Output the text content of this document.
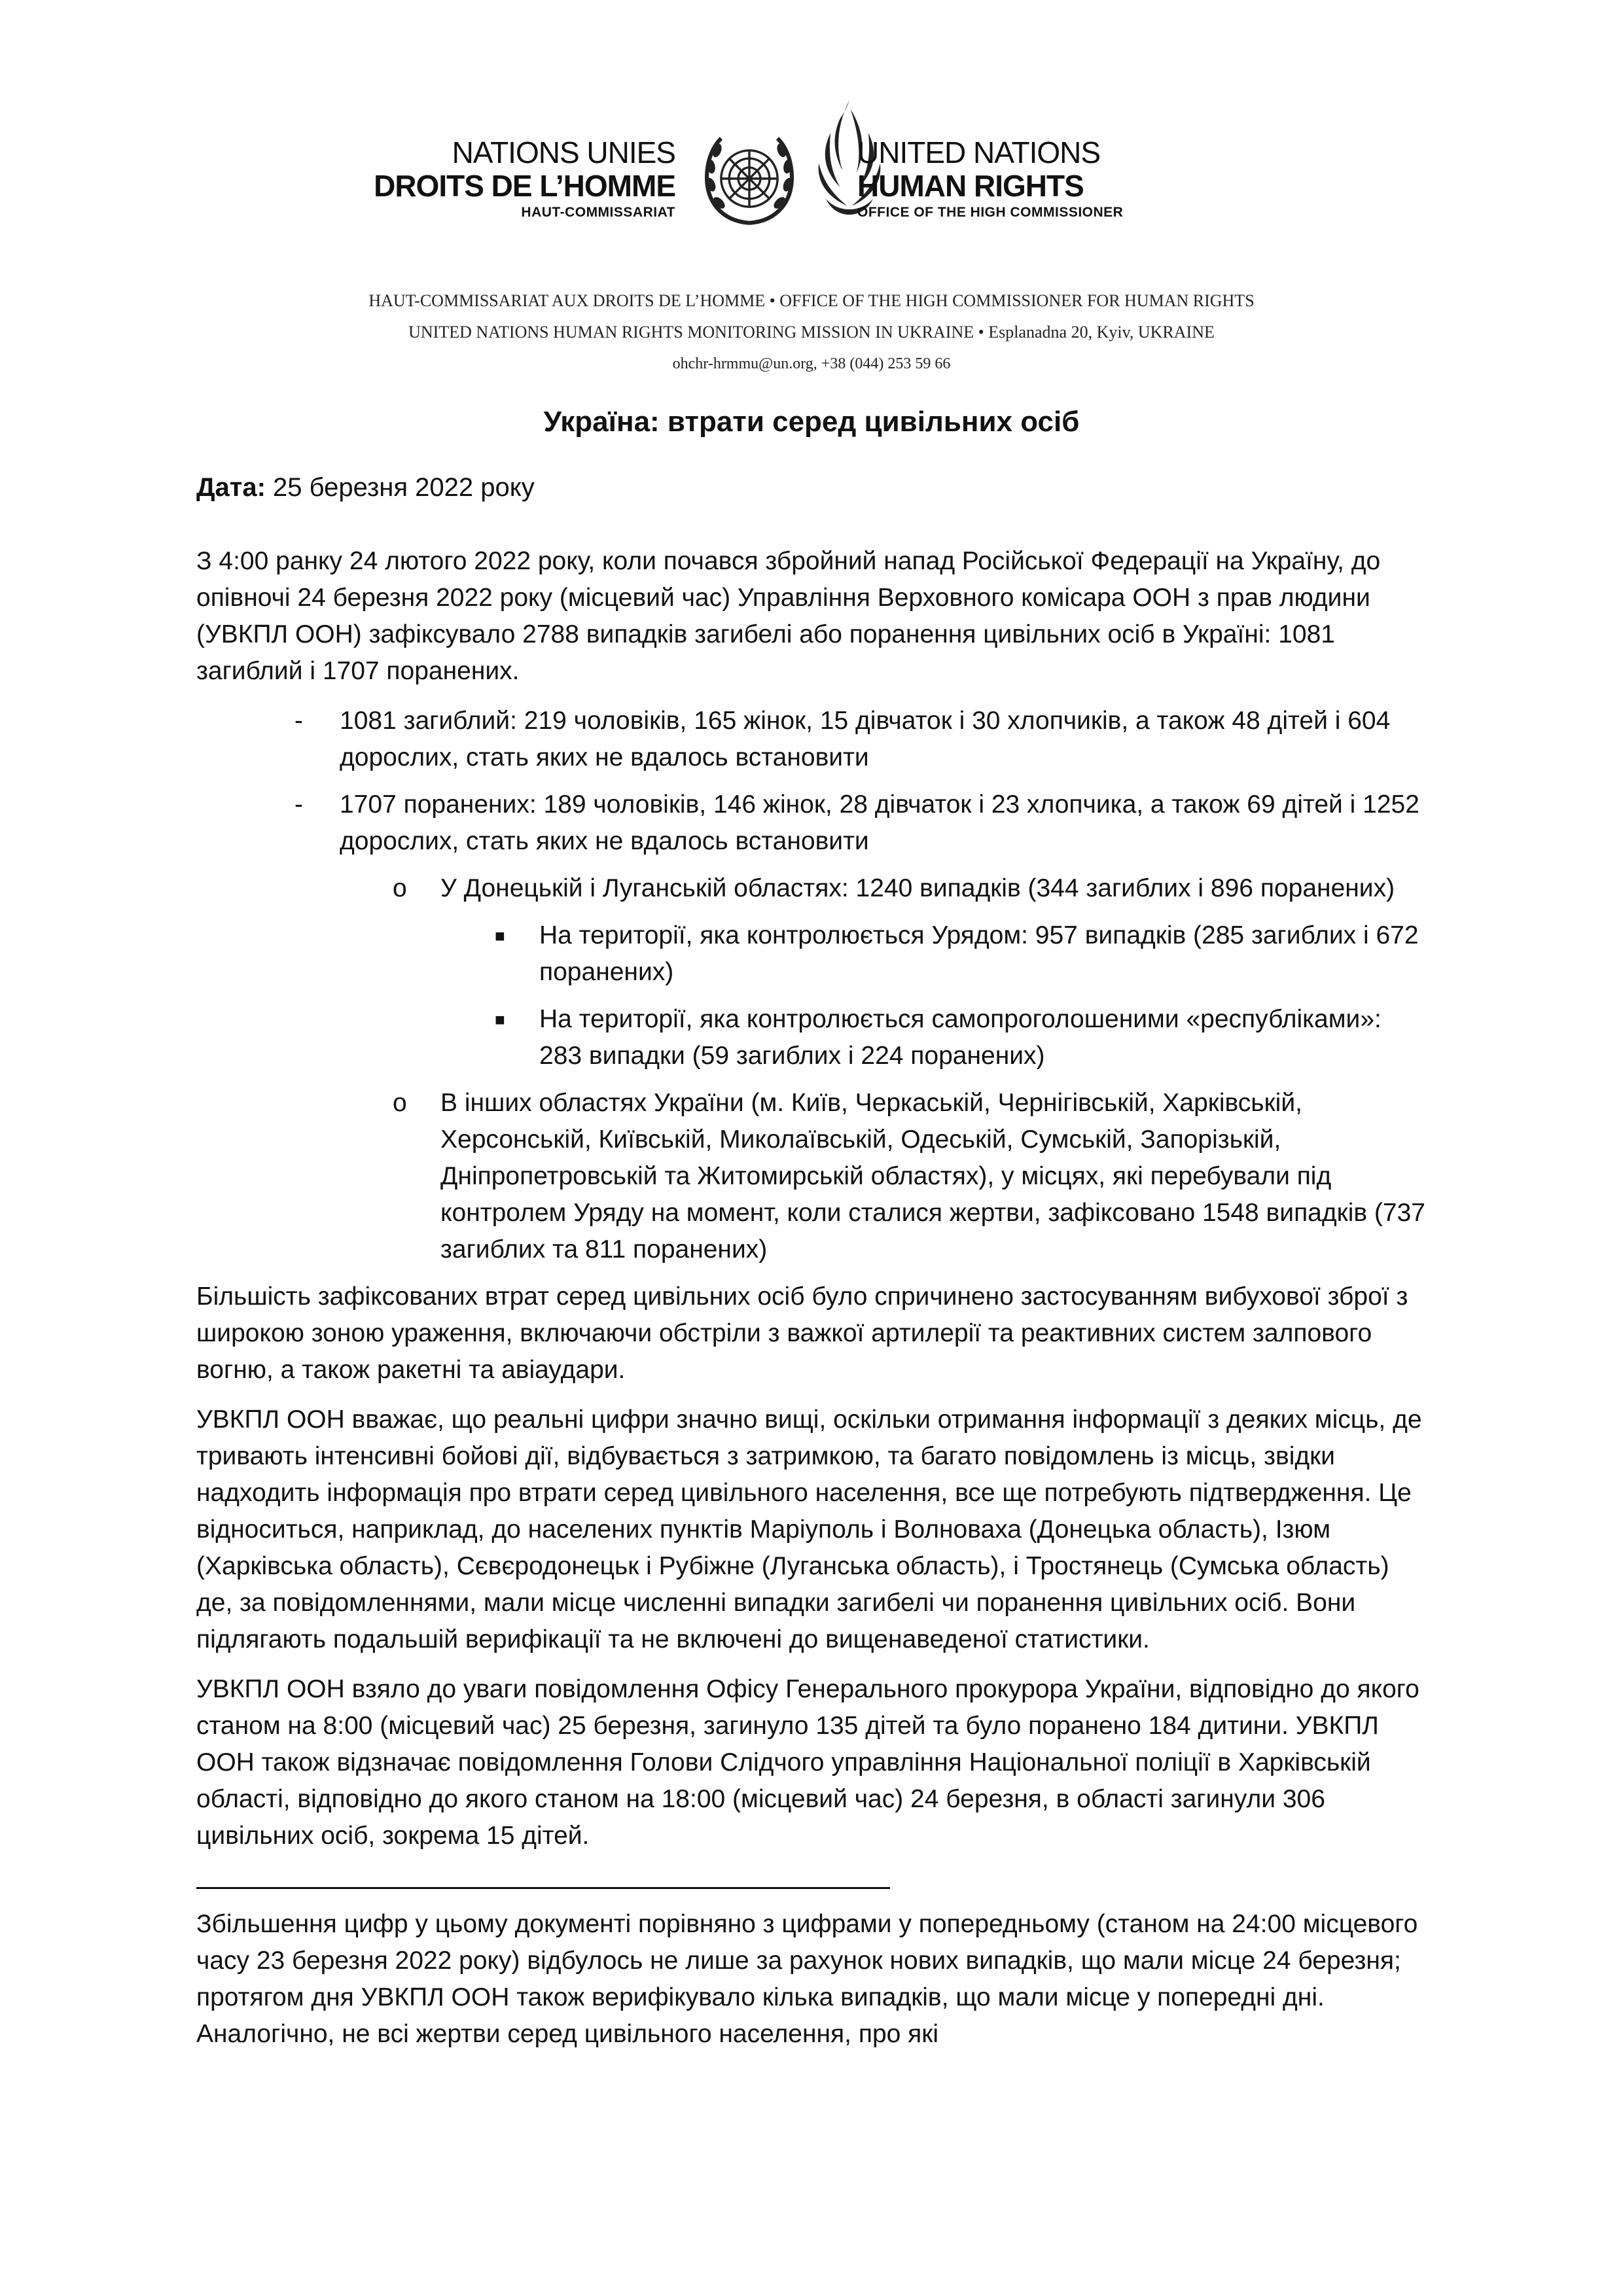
NATIONS UNIES
DROITS DE L’HOMME
HAUT-COMMISSARIAT
UNITED NATIONS
HUMAN RIGHTS
OFFICE OF THE HIGH COMMISSIONER
HAUT-COMMISSARIAT AUX DROITS DE L’HOMME • OFFICE OF THE HIGH COMMISSIONER FOR HUMAN RIGHTS
UNITED NATIONS HUMAN RIGHTS MONITORING MISSION IN UKRAINE • Esplanadna 20, Kyiv, UKRAINE
ohchr-hrmmu@un.org, +38 (044) 253 59 66
Україна: втрати серед цивільних осіб
Дата: 25 березня 2022 року

З 4:00 ранку 24 лютого 2022 року, коли почався збройний напад Російської Федерації на Україну, до опівночі 24 березня 2022 року (місцевий час) Управління Верховного комісара ООН з прав людини (УВКПЛ ООН) зафіксувало 2788 випадків загибелі або поранення цивільних осіб в Україні: 1081 загиблий і 1707 поранених.

- 1081 загиблий: 219 чоловіків, 165 жінок, 15 дівчаток і 30 хлопчиків, а також 48 дітей і 604 дорослих, стать яких не вдалось встановити
- 1707 поранених: 189 чоловіків, 146 жінок, 28 дівчаток і 23 хлопчика, а також 69 дітей і 1252 дорослих, стать яких не вдалось встановити
o У Донецькій і Луганській областях: 1240 випадків (344 загиблих і 896 поранених)
■ На території, яка контролюється Урядом: 957 випадків (285 загиблих і 672 поранених)
■ На території, яка контролюється самопроголошеними «республіками»: 283 випадки (59 загиблих і 224 поранених)
o В інших областях України (м. Київ, Черкаській, Чернігівській, Харківській, Херсонській, Київській, Миколаївській, Одеській, Сумській, Запорізькій, Дніпропетровській та Житомирській областях), у місцях, які перебували під контролем Уряду на момент, коли сталися жертви, зафіксовано 1548 випадків (737 загиблих та 811 поранених)

Більшість зафіксованих втрат серед цивільних осіб було спричинено застосуванням вибухової зброї з широкою зоною ураження, включаючи обстріли з важкої артилерії та реактивних систем залпового вогню, а також ракетні та авіаудари.

УВКПЛ ООН вважає, що реальні цифри значно вищі, оскільки отримання інформації з деяких місць, де тривають інтенсивні бойові дії, відбувається з затримкою, та багато повідомлень із місць, звідки надходить інформація про втрати серед цивільного населення, все ще потребують підтвердження. Це відноситься, наприклад, до населених пунктів Маріуполь і Волноваха (Донецька область), Ізюм (Харківська область), Сєвєродонецьк і Рубіжне (Луганська область), і Тростянець (Сумська область) де, за повідомленнями, мали місце численні випадки загибелі чи поранення цивільних осіб. Вони підлягають подальшій верифікації та не включені до вищенаведеної статистики.

УВКПЛ ООН взяло до уваги повідомлення Офісу Генерального прокурора України, відповідно до якого станом на 8:00 (місцевий час) 25 березня, загинуло 135 дітей та було поранено 184 дитини. УВКПЛ ООН також відзначає повідомлення Голови Слідчого управління Національної поліції в Харківській області, відповідно до якого станом на 18:00 (місцевий час) 24 березня, в області загинули 306 цивільних осіб, зокрема 15 дітей.

Збільшення цифр у цьому документі порівняно з цифрами у попередньому (станом на 24:00 місцевого часу 23 березня 2022 року) відбулось не лише за рахунок нових випадків, що мали місце 24 березня; протягом дня УВКПЛ ООН також верифікувало кілька випадків, що мали місце у попередні дні. Аналогічно, не всі жертви серед цивільного населення, про які
